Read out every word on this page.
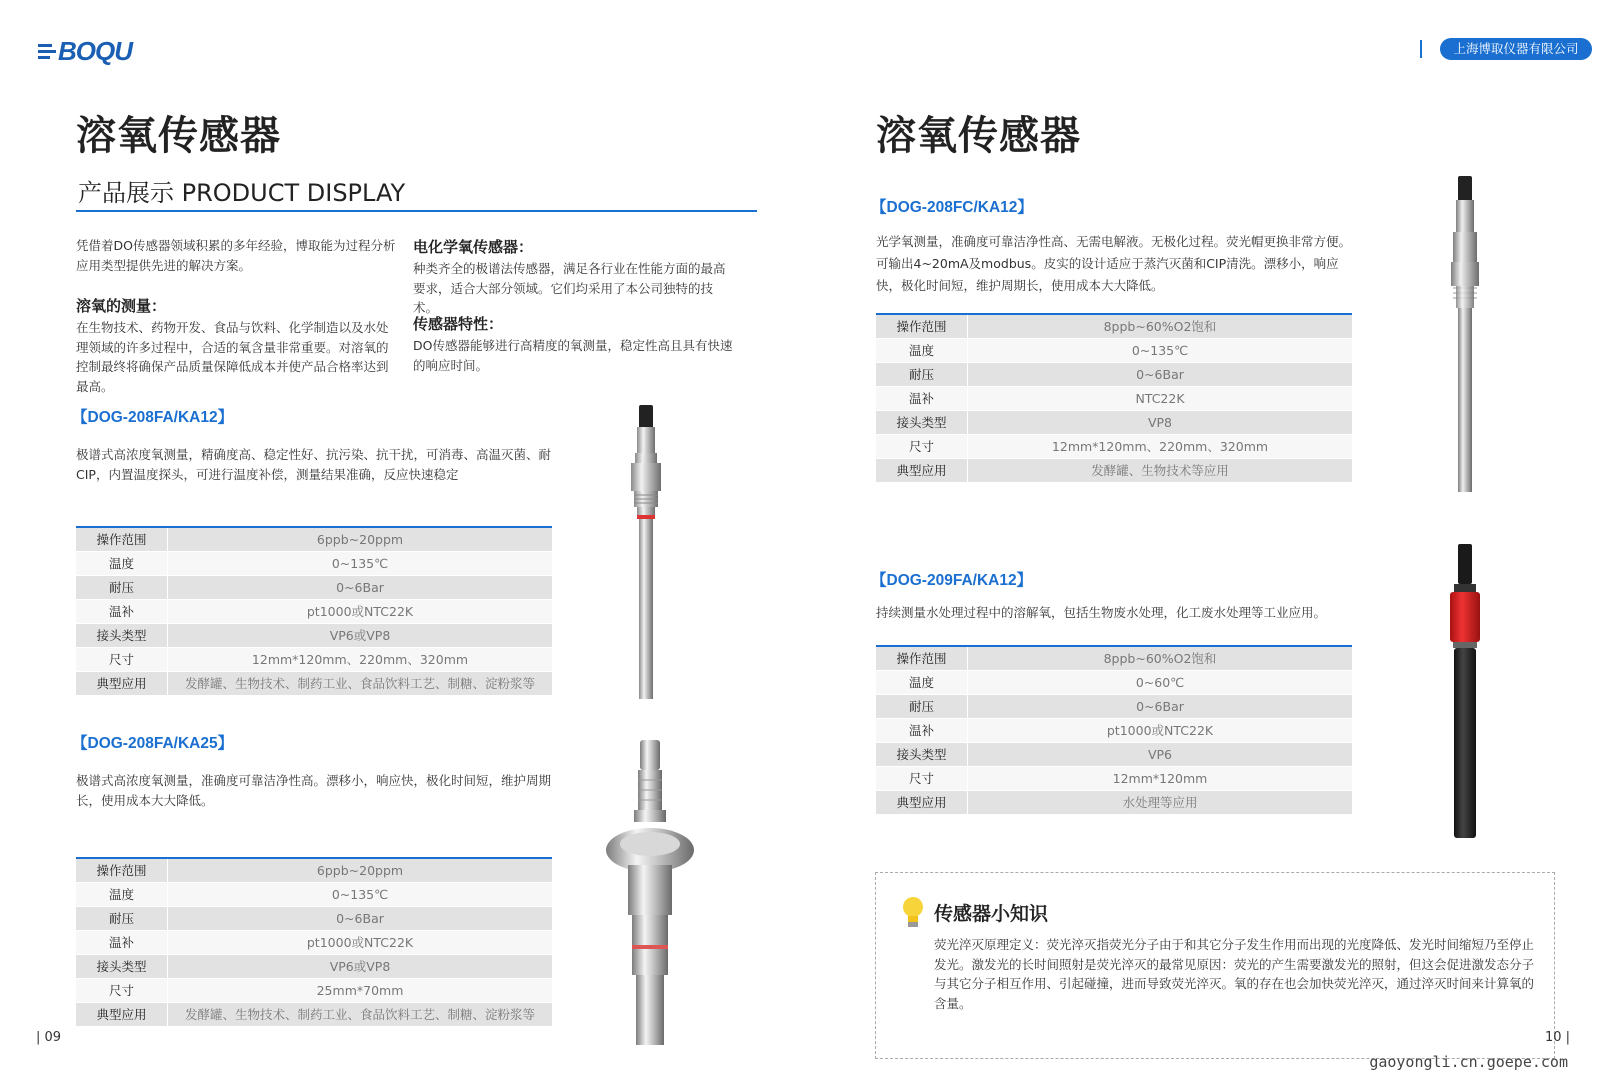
BOQU	上海博取仪器有限公司
溶氧传感器
产品展示 PRODUCT DISPLAY
凭借着DO传感器领域积累的多年经验，博取能为过程分析应用类型提供先进的解决方案。
溶氧的测量：
在生物技术、药物开发、食品与饮料、化学制造以及水处理领域的许多过程中，合适的氧含量非常重要。对溶氧的控制最终将确保产品质量保障低成本并使产品合格率达到最高。
电化学氧传感器：
种类齐全的极谱法传感器，满足各行业在性能方面的最高要求，适合大部分领域。它们均采用了本公司独特的技术。
传感器特性：
DO传感器能够进行高精度的氧测量，稳定性高且具有快速的响应时间。
【DOG-208FA/KA12】
极谱式高浓度氧测量，精确度高、稳定性好、抗污染、抗干扰，可消毒、高温灭菌、耐CIP，内置温度探头，可进行温度补偿，测量结果准确，反应快速稳定
操作范围	6ppb~20ppm
温度	0~135℃
耐压	0~6Bar
温补	pt1000或NTC22K
接头类型	VP6或VP8
尺寸	12mm*120mm、220mm、320mm
典型应用	发酵罐、生物技术、制药工业、食品饮料工艺、制糖、淀粉浆等
【DOG-208FA/KA25】
极谱式高浓度氧测量，准确度可靠洁净性高。漂移小，响应快，极化时间短，维护周期长，使用成本大大降低。
操作范围	6ppb~20ppm
温度	0~135℃
耐压	0~6Bar
温补	pt1000或NTC22K
接头类型	VP6或VP8
尺寸	25mm*70mm
典型应用	发酵罐、生物技术、制药工业、食品饮料工艺、制糖、淀粉浆等
| 09
溶氧传感器
【DOG-208FC/KA12】
光学氧测量，准确度可靠洁净性高、无需电解液。无极化过程。荧光帽更换非常方便。可输出4~20mA及modbus。皮实的设计适应于蒸汽灭菌和CIP清洗。漂移小，响应快，极化时间短，维护周期长，使用成本大大降低。
操作范围	8ppb~60%O2饱和
温度	0~135℃
耐压	0~6Bar
温补	NTC22K
接头类型	VP8
尺寸	12mm*120mm、220mm、320mm
典型应用	发酵罐、生物技术等应用
【DOG-209FA/KA12】
持续测量水处理过程中的溶解氧，包括生物废水处理，化工废水处理等工业应用。
操作范围	8ppb~60%O2饱和
温度	0~60℃
耐压	0~6Bar
温补	pt1000或NTC22K
接头类型	VP6
尺寸	12mm*120mm
典型应用	水处理等应用
传感器小知识
荧光淬灭原理定义：荧光淬灭指荧光分子由于和其它分子发生作用而出现的光度降低、发光时间缩短乃至停止发光。激发光的长时间照射是荧光淬灭的最常见原因：荧光的产生需要激发光的照射，但这会促进激发态分子与其它分子相互作用、引起碰撞，进而导致荧光淬灭。氧的存在也会加快荧光淬灭，通过淬灭时间来计算氧的含量。
10 |
gaoyongli.cn.goepe.com
